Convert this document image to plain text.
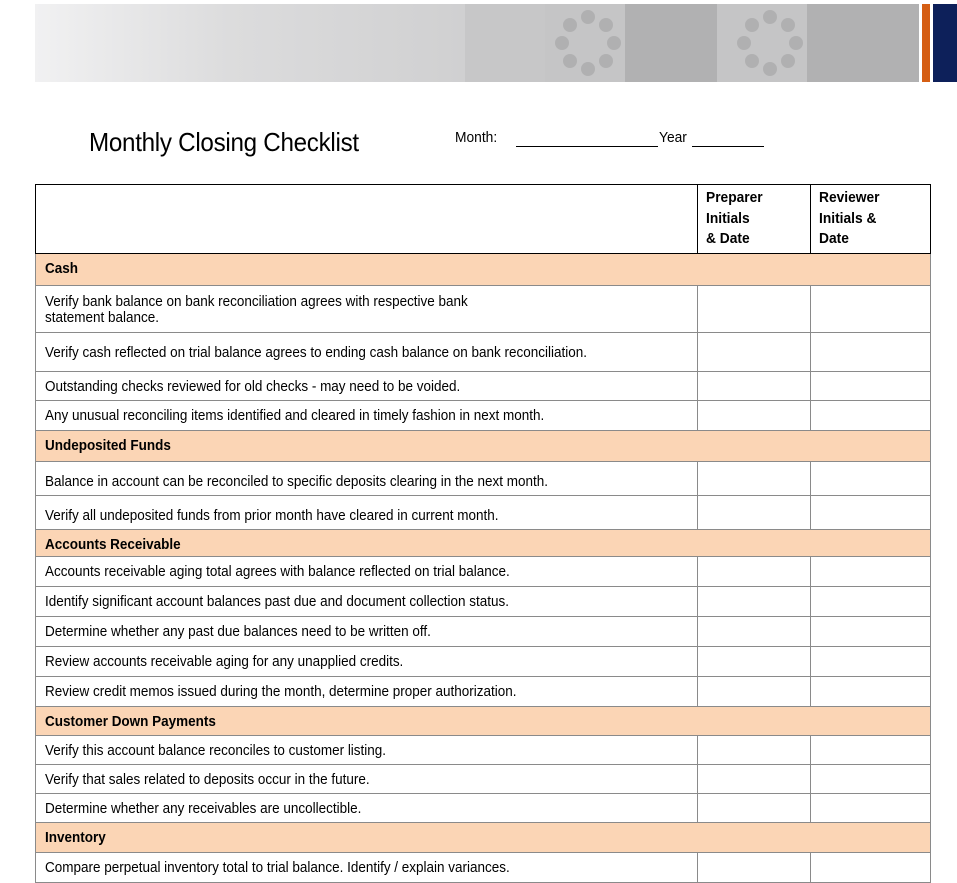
Monthly Closing Checklist	Month:	Year
Preparer
Initials
& Date
Reviewer
Initials &
Date
Cash
Verify bank balance on bank reconciliation agrees with respective bank
statement balance.
Verify cash reflected on trial balance agrees to ending cash balance on bank reconciliation.
Outstanding checks reviewed for old checks - may need to be voided.
Any unusual reconciling items identified and cleared in timely fashion in next month.
Undeposited Funds
Balance in account can be reconciled to specific deposits clearing in the next month.
Verify all undeposited funds from prior month have cleared in current month.
Accounts Receivable
Accounts receivable aging total agrees with balance reflected on trial balance.
Identify significant account balances past due and document collection status.
Determine whether any past due balances need to be written off.
Review accounts receivable aging for any unapplied credits.
Review credit memos issued during the month, determine proper authorization.
Customer Down Payments
Verify this account balance reconciles to customer listing.
Verify that sales related to deposits occur in the future.
Determine whether any receivables are uncollectible.
Inventory
Compare perpetual inventory total to trial balance. Identify / explain variances.
